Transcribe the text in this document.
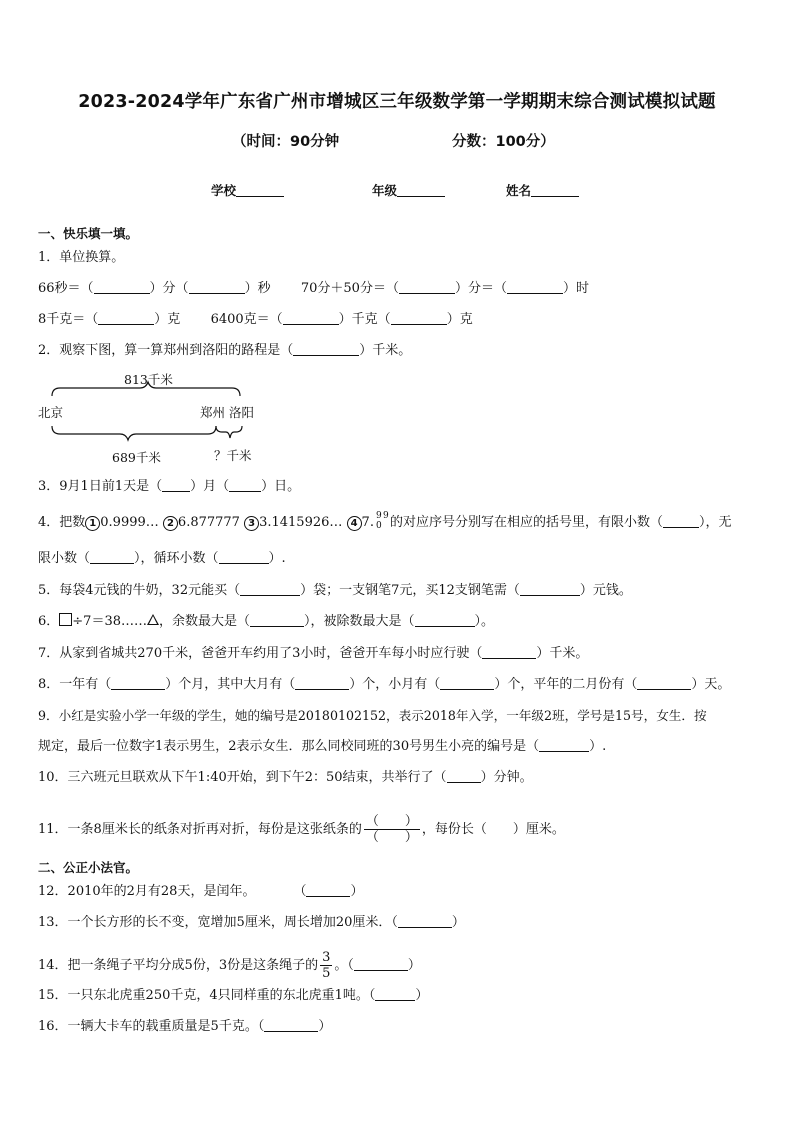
2023-2024学年广东省广州市增城区三年级数学第一学期期末综合测试模拟试题
（时间：90分钟	分数：100分）
学校	年级	姓名
一、快乐填一填。
1．单位换算。
66秒＝（	）分（	）秒 70分＋50分＝（	）分＝（	）时
8千克＝（	）克 6400克＝（	）千克（	）克
2．观察下图，算一算郑州到洛阳的路程是（	）千米。
813千米
北京	郑州 洛阳
689千米	？千米
3．9月1日前1天是（ ）月（ ）日。
4．把数 1 0.9999… 2 6.877777 3 3.1415926… 4 7. 9
0
9 的对应序号分别写在相应的括号里，有限小数（	），无
限小数（	），循环小数（	）.
5．每袋4元钱的牛奶，32元能买（	）袋；一支钢笔7元，买12支钢笔需（	）元钱。
6． ÷7＝38…… ，余数最大是（	），被除数最大是（	）。
7．从家到省城共270千米，爸爸开车约用了3小时，爸爸开车每小时应行驶（	）千米。
8．一年有（	）个月，其中大月有（	）个，小月有（	）个，平年的二月份有（	）天。
9．小红是实验小学一年级的学生，她的编号是20180102152，表示2018年入学，一年级2班，学号是15号，女生．按
规定，最后一位数字1表示男生，2表示女生．那么同校同班的30号男生小亮的编号是（	）.
10．三六班元旦联欢从下午1:40开始，到下午2：50结束，共举行了（	）分钟。
11．一条8厘米长的纸条对折再对折，每份是这张纸条的 $\frac{( )}{( )}$ ，每份长（　　）厘米。
二、公正小法官。
12．2010年的2月有28天，是闰年。	（	）
13．一个长方形的长不变，宽增加5厘米，周长增加20厘米．（	）
14．把一条绳子平均分成5份，3份是这条绳子的 $\frac{3}{5}$ 。（	）
15．一只东北虎重250千克，4只同样重的东北虎重1吨。（	）
16．一辆大卡车的载重质量是5千克。（	）
